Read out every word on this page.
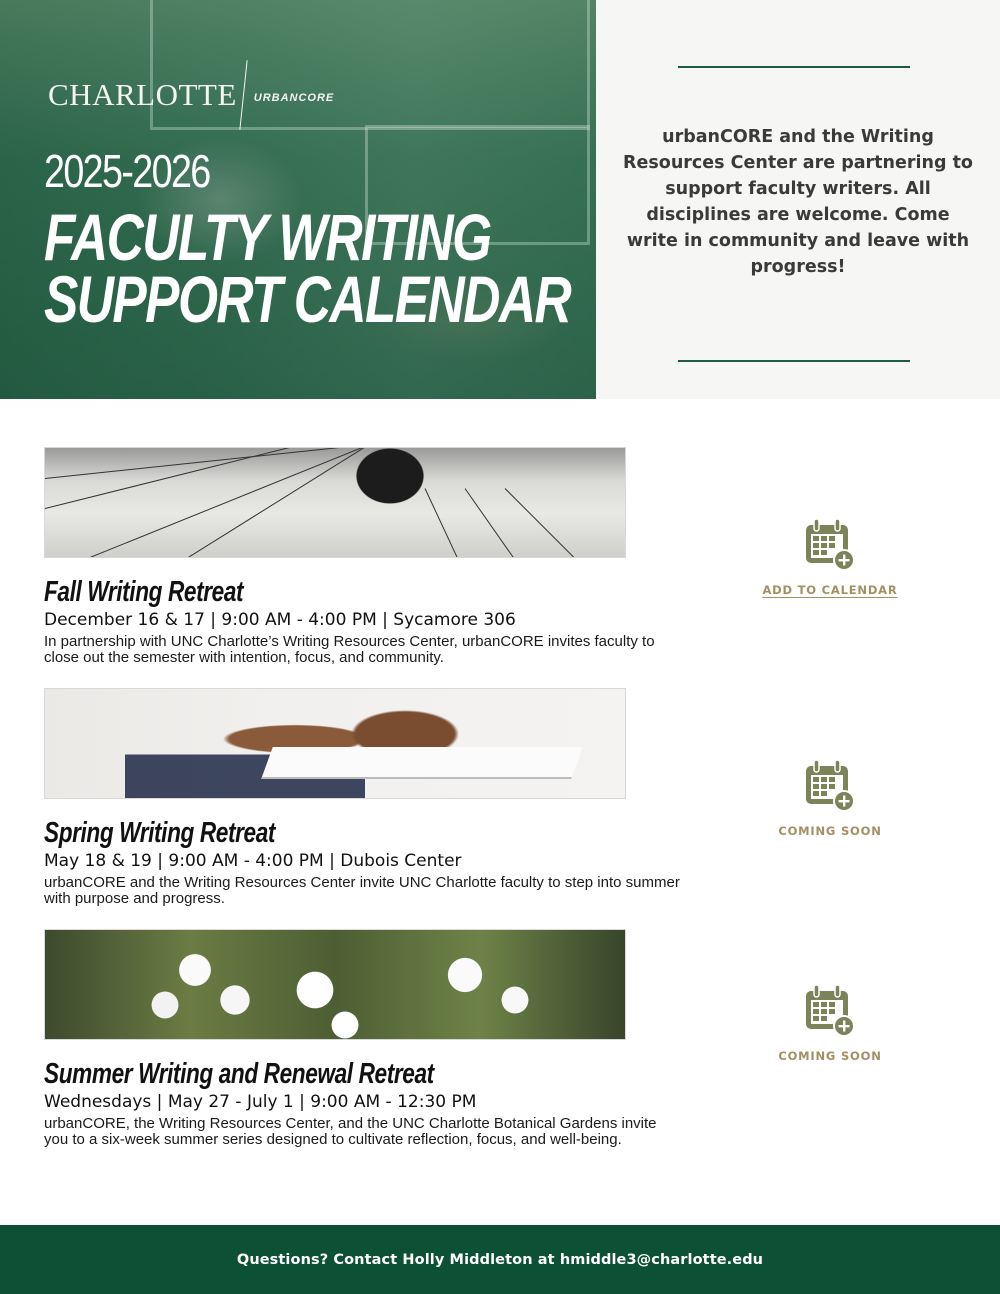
CHARLOTTE URBANCORE
2025-2026
FACULTY WRITING
SUPPORT CALENDAR

urbanCORE and the Writing Resources Center are partnering to support faculty writers. All disciplines are welcome. Come write in community and leave with progress!

Fall Writing Retreat
December 16 & 17 | 9:00 AM - 4:00 PM | Sycamore 306

In partnership with UNC Charlotte’s Writing Resources Center, urbanCORE invites faculty to close out the semester with intention, focus, and community.

ADD TO CALENDAR
Spring Writing Retreat
May 18 & 19 | 9:00 AM - 4:00 PM | Dubois Center

urbanCORE and the Writing Resources Center invite UNC Charlotte faculty to step into summer with purpose and progress.

COMING SOON
Summer Writing and Renewal Retreat
Wednesdays | May 27 - July 1 | 9:00 AM - 12:30 PM

urbanCORE, the Writing Resources Center, and the UNC Charlotte Botanical Gardens invite you to a six-week summer series designed to cultivate reflection, focus, and well-being.

COMING SOON
Questions? Contact Holly Middleton at hmiddle3@charlotte.edu
